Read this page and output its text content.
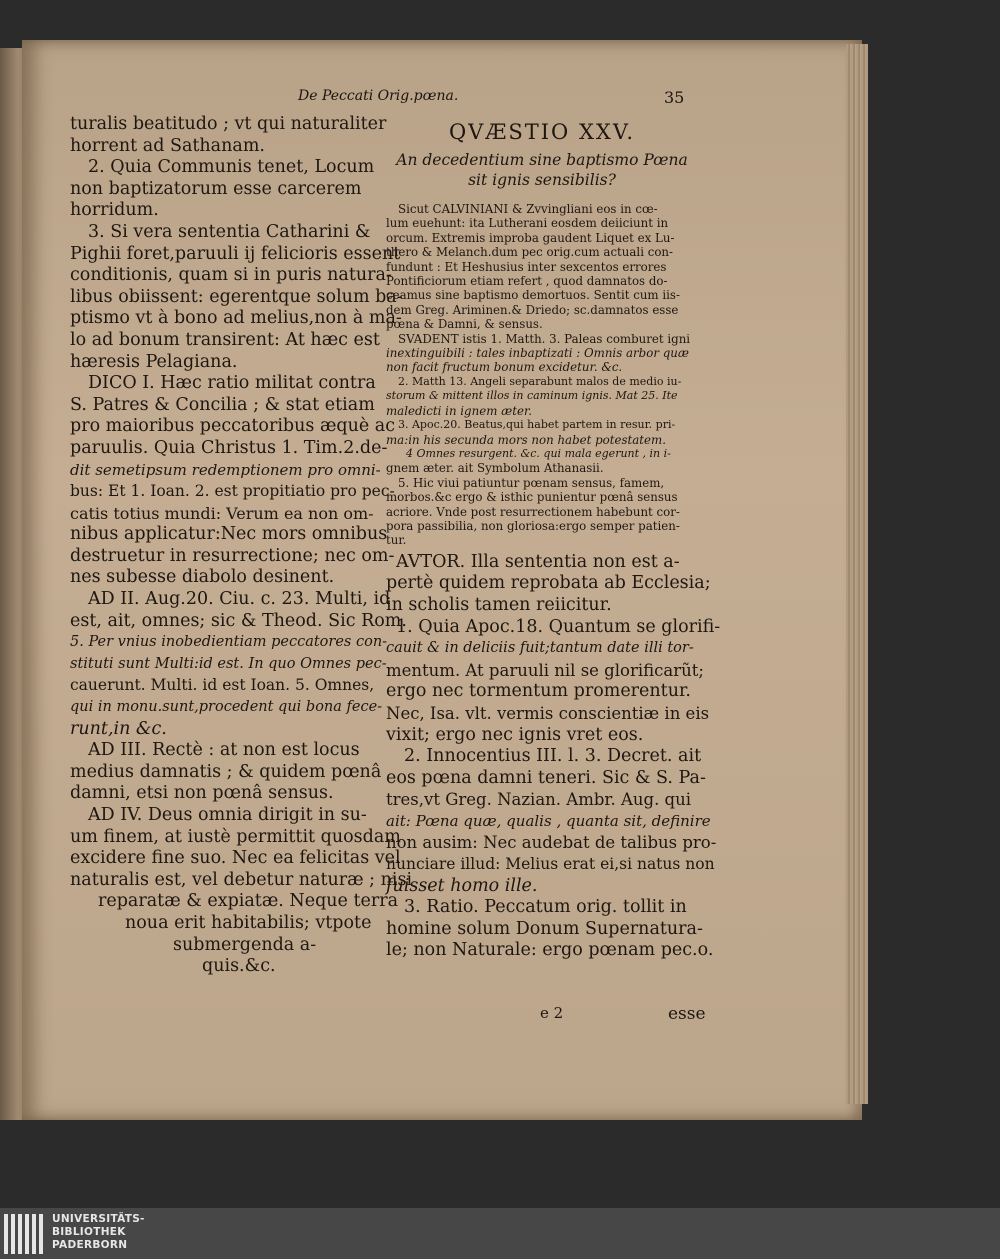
De Peccati Orig.pœna.	35
turalis beatitudo ; vt qui naturaliter
horrent ad Sathanam.
2. Quia Communis tenet, Locum
non baptizatorum esse carcerem
horridum.
3. Si vera sententia Catharini &
Pighii foret,paruuli ij felicioris essent
conditionis, quam si in puris natura-
libus obiissent: egerentque solum ba-
ptismo vt à bono ad melius,non à ma-
lo ad bonum transirent: At hæc est
hæresis Pelagiana.
DICO I. Hæc ratio militat contra
S. Patres & Concilia ; & stat etiam
pro maioribus peccatoribus æquè ac
paruulis. Quia Christus 1. Tim.2.de-
dit semetipsum redemptionem pro omni-
bus: Et 1. Ioan. 2. est propitiatio pro pec-
catis totius mundi: Verum ea non om-
nibus applicatur:Nec mors omnibus
destruetur in resurrectione; nec om-
nes subesse diabolo desinent.
AD II. Aug.20. Ciu. c. 23. Multi, id
est, ait, omnes; sic & Theod. Sic Rom.
5. Per vnius inobedientiam peccatores con-
stituti sunt Multi:id est. In quo Omnes pec-
cauerunt. Multi. id est Ioan. 5. Omnes,
qui in monu.sunt,procedent qui bona fece-
runt,in &c.
AD III. Rectè : at non est locus
medius damnatis ; & quidem pœnâ
damni, etsi non pœnâ sensus.
AD IV. Deus omnia dirigit in su-
um finem, at iustè permittit quosdam
excidere fine suo. Nec ea felicitas vel
naturalis est, vel debetur naturæ ; nisi
reparatæ & expiatæ. Neque terra
noua erit habitabilis; vtpote
submergenda a-
quis.&c.

QVÆSTIO XXV.

An decedentium sine baptismo Pœna
sit ignis sensibilis?

Sicut CALVINIANI & Zvvingliani eos in cœ-
lum euehunt: ita Lutherani eosdem deiiciunt in
orcum. Extremis improba gaudent Liquet ex Lu-
thero & Melanch.dum pec orig.cum actuali con-
fundunt : Et Heshusius inter sexcentos errores
Pontificiorum etiam refert , quod damnatos do-
ceamus sine baptismo demortuos. Sentit cum iis-
dem Greg. Ariminen.& Driedo; sc.damnatos esse
pœna & Damni, & sensus.
SVADENT istis 1. Matth. 3. Paleas comburet igni
inextinguibili : tales inbaptizati : Omnis arbor quæ
non facit fructum bonum excidetur. &c.
2. Matth 13. Angeli separabunt malos de medio iu-
storum & mittent illos in caminum ignis. Mat 25. Ite
maledicti in ignem æter.
3. Apoc.20. Beatus,qui habet partem in resur. pri-
ma:in his secunda mors non habet potestatem.
4 Omnes resurgent. &c. qui mala egerunt , in i-
gnem æter. ait Symbolum Athanasii.
5. Hic viui patiuntur pœnam sensus, famem,
morbos.&c ergo & isthic punientur pœnâ sensus
acriore. Vnde post resurrectionem habebunt cor-
pora passibilia, non gloriosa:ergo semper patien-
tur.
AVTOR. Illa sententia non est a-
pertè quidem reprobata ab Ecclesia;
in scholis tamen reiicitur.
1. Quia Apoc.18. Quantum se glorifi-
cauit & in deliciis fuit;tantum date illi tor-
mentum. At paruuli nil se glorificarũt;
ergo nec tormentum promerentur.
Nec, Isa. vlt. vermis conscientiæ in eis
vixit; ergo nec ignis vret eos.
2. Innocentius III. l. 3. Decret. ait
eos pœna damni teneri. Sic & S. Pa-
tres,vt Greg. Nazian. Ambr. Aug. qui
ait: Pœna quæ, qualis , quanta sit, definire
non ausim: Nec audebat de talibus pro-
nunciare illud: Melius erat ei,si natus non
fuisset homo ille.
3. Ratio. Peccatum orig. tollit in
homine solum Donum Supernatura-
le; non Naturale: ergo pœnam pec.o.
e 2	esse
UNIVERSITÄTS-
BIBLIOTHEK
PADERBORN
